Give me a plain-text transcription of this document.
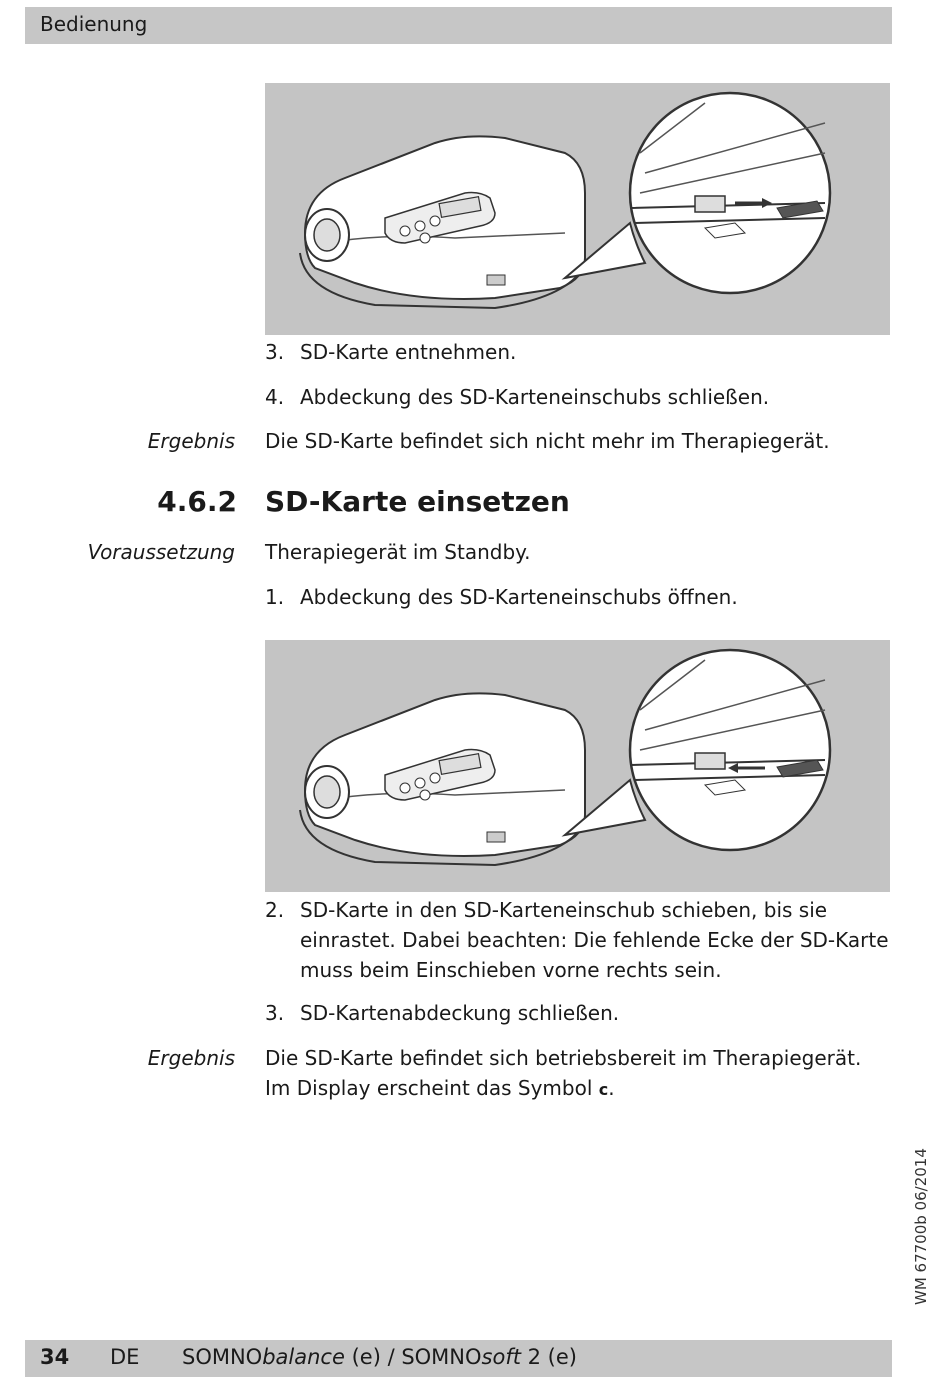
Bedienung
3. SD-Karte entnehmen.
4. Abdeckung des SD-Karteneinschubs schließen.
Ergebnis Die SD-Karte befindet sich nicht mehr im Therapiegerät.
4.6.2 SD-Karte einsetzen
Voraussetzung Therapiegerät im Standby.
1. Abdeckung des SD-Karteneinschubs öffnen.
2. SD-Karte in den SD-Karteneinschub schieben, bis sie einrastet. Dabei beachten: Die fehlende Ecke der SD-Karte muss beim Einschieben vorne rechts sein.
3. SD-Kartenabdeckung schließen.
Ergebnis Die SD-Karte befindet sich betriebsbereit im Therapiegerät. Im Display erscheint das Symbol ᴄ.
WM 67700b 06/2014
34 DE SOMNObalance (e) / SOMNOsoft 2 (e)
